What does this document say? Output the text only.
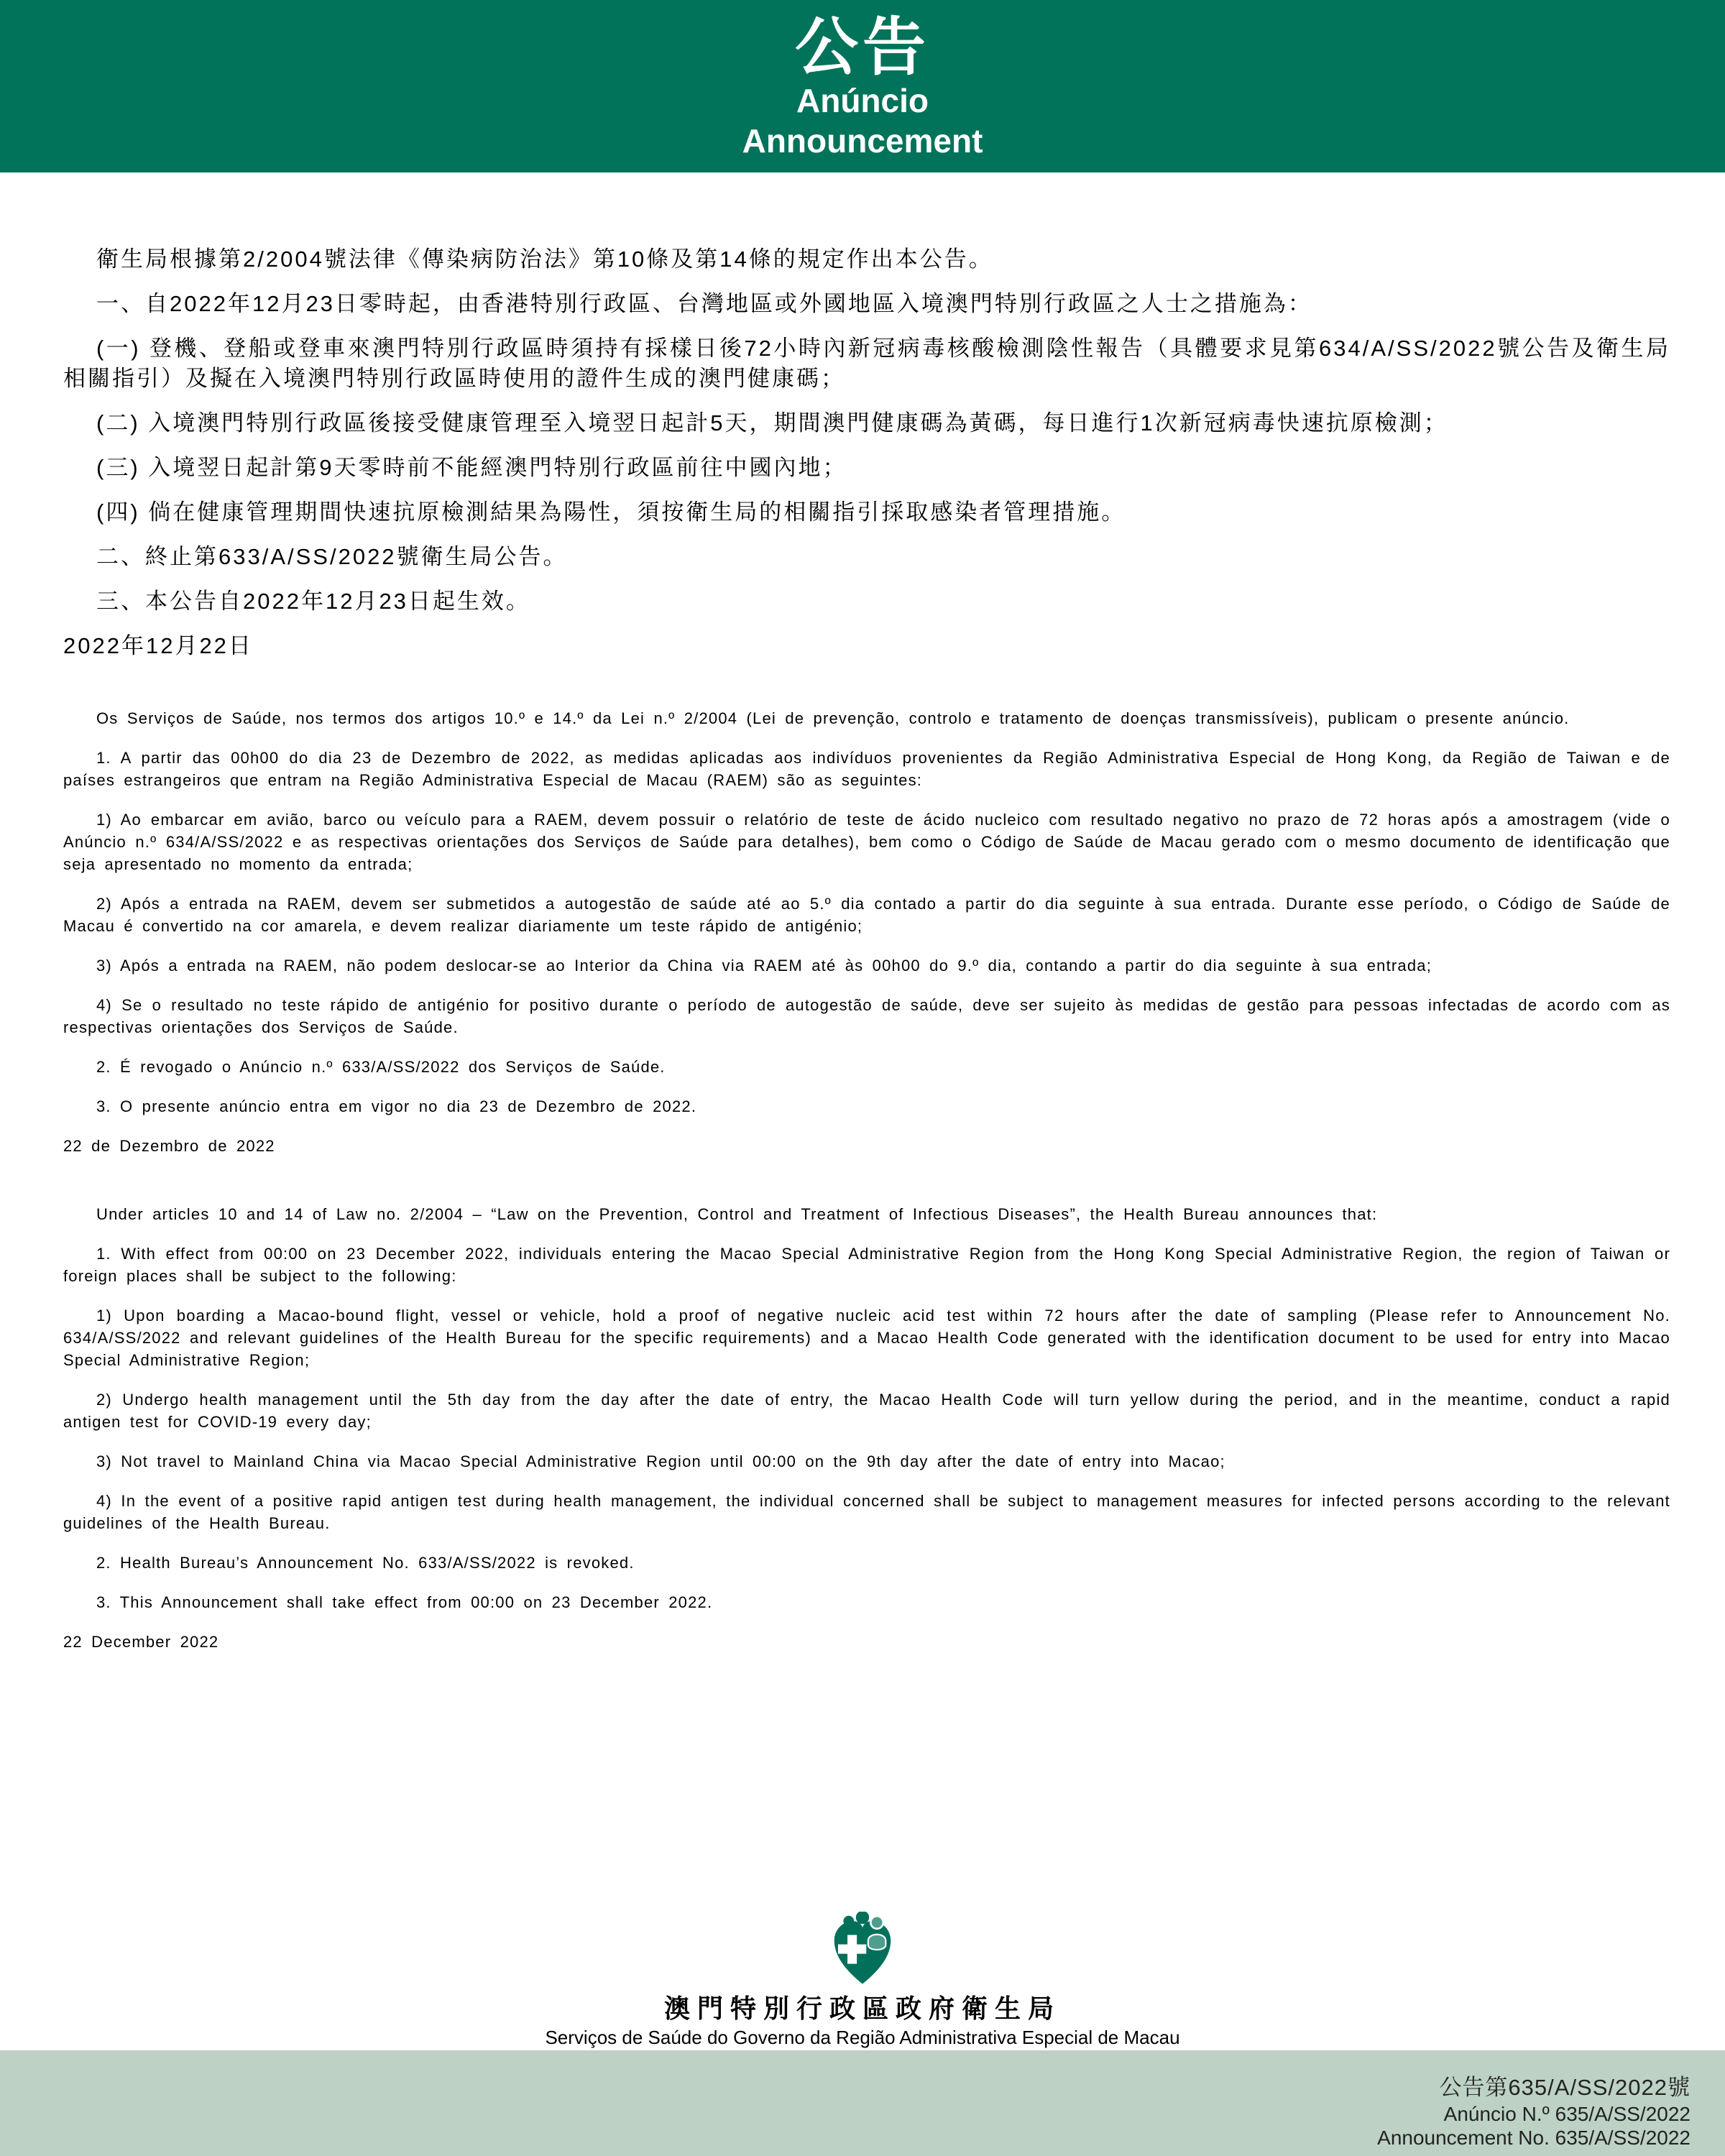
公告
Anúncio
Announcement

衛生局根據第2/2004號法律《傳染病防治法》第10條及第14條的規定作出本公告。

一、自2022年12月23日零時起，由香港特別行政區、台灣地區或外國地區入境澳門特別行政區之人士之措施為：

(一) 登機、登船或登車來澳門特別行政區時須持有採樣日後72小時內新冠病毒核酸檢測陰性報告（具體要求見第634/A/SS/2022號公告及衛生局相關指引）及擬在入境澳門特別行政區時使用的證件生成的澳門健康碼；

(二) 入境澳門特別行政區後接受健康管理至入境翌日起計5天，期間澳門健康碼為黃碼，每日進行1次新冠病毒快速抗原檢測；

(三) 入境翌日起計第9天零時前不能經澳門特別行政區前往中國內地；

(四) 倘在健康管理期間快速抗原檢測結果為陽性，須按衛生局的相關指引採取感染者管理措施。

二、終止第633/A/SS/2022號衛生局公告。

三、本公告自2022年12月23日起生效。

2022年12月22日

Os Serviços de Saúde, nos termos dos artigos 10.º e 14.º da Lei n.º 2/2004 (Lei de prevenção, controlo e tratamento de doenças transmissíveis), publicam o presente anúncio.

1. A partir das 00h00 do dia 23 de Dezembro de 2022, as medidas aplicadas aos indivíduos provenientes da Região Administrativa Especial de Hong Kong, da Região de Taiwan e de países estrangeiros que entram na Região Administrativa Especial de Macau (RAEM) são as seguintes:

1) Ao embarcar em avião, barco ou veículo para a RAEM, devem possuir o relatório de teste de ácido nucleico com resultado negativo no prazo de 72 horas após a amostragem (vide o Anúncio n.º 634/A/SS/2022 e as respectivas orientações dos Serviços de Saúde para detalhes), bem como o Código de Saúde de Macau gerado com o mesmo documento de identificação que seja apresentado no momento da entrada;

2) Após a entrada na RAEM, devem ser submetidos a autogestão de saúde até ao 5.º dia contado a partir do dia seguinte à sua entrada. Durante esse período, o Código de Saúde de Macau é convertido na cor amarela, e devem realizar diariamente um teste rápido de antigénio;

3) Após a entrada na RAEM, não podem deslocar-se ao Interior da China via RAEM até às 00h00 do 9.º dia, contando a partir do dia seguinte à sua entrada;

4) Se o resultado no teste rápido de antigénio for positivo durante o período de autogestão de saúde, deve ser sujeito às medidas de gestão para pessoas infectadas de acordo com as respectivas orientações dos Serviços de Saúde.

2. É revogado o Anúncio n.º 633/A/SS/2022 dos Serviços de Saúde.

3. O presente anúncio entra em vigor no dia 23 de Dezembro de 2022.

22 de Dezembro de 2022

Under articles 10 and 14 of Law no. 2/2004 – “Law on the Prevention, Control and Treatment of Infectious Diseases”, the Health Bureau announces that:

1. With effect from 00:00 on 23 December 2022, individuals entering the Macao Special Administrative Region from the Hong Kong Special Administrative Region, the region of Taiwan or foreign places shall be subject to the following:

1) Upon boarding a Macao-bound flight, vessel or vehicle, hold a proof of negative nucleic acid test within 72 hours after the date of sampling (Please refer to Announcement No. 634/A/SS/2022 and relevant guidelines of the Health Bureau for the specific requirements) and a Macao Health Code generated with the identification document to be used for entry into Macao Special Administrative Region;

2) Undergo health management until the 5th day from the day after the date of entry, the Macao Health Code will turn yellow during the period, and in the meantime, conduct a rapid antigen test for COVID-19 every day;

3) Not travel to Mainland China via Macao Special Administrative Region until 00:00 on the 9th day after the date of entry into Macao;

4) In the event of a positive rapid antigen test during health management, the individual concerned shall be subject to management measures for infected persons according to the relevant guidelines of the Health Bureau.

2. Health Bureau’s Announcement No. 633/A/SS/2022 is revoked.

3. This Announcement shall take effect from 00:00 on 23 December 2022.

22 December 2022

澳門特別行政區政府衛生局
Serviços de Saúde do Governo da Região Administrativa Especial de Macau
公告第635/A/SS/2022號
Anúncio N.º 635/A/SS/2022
Announcement No. 635/A/SS/2022
